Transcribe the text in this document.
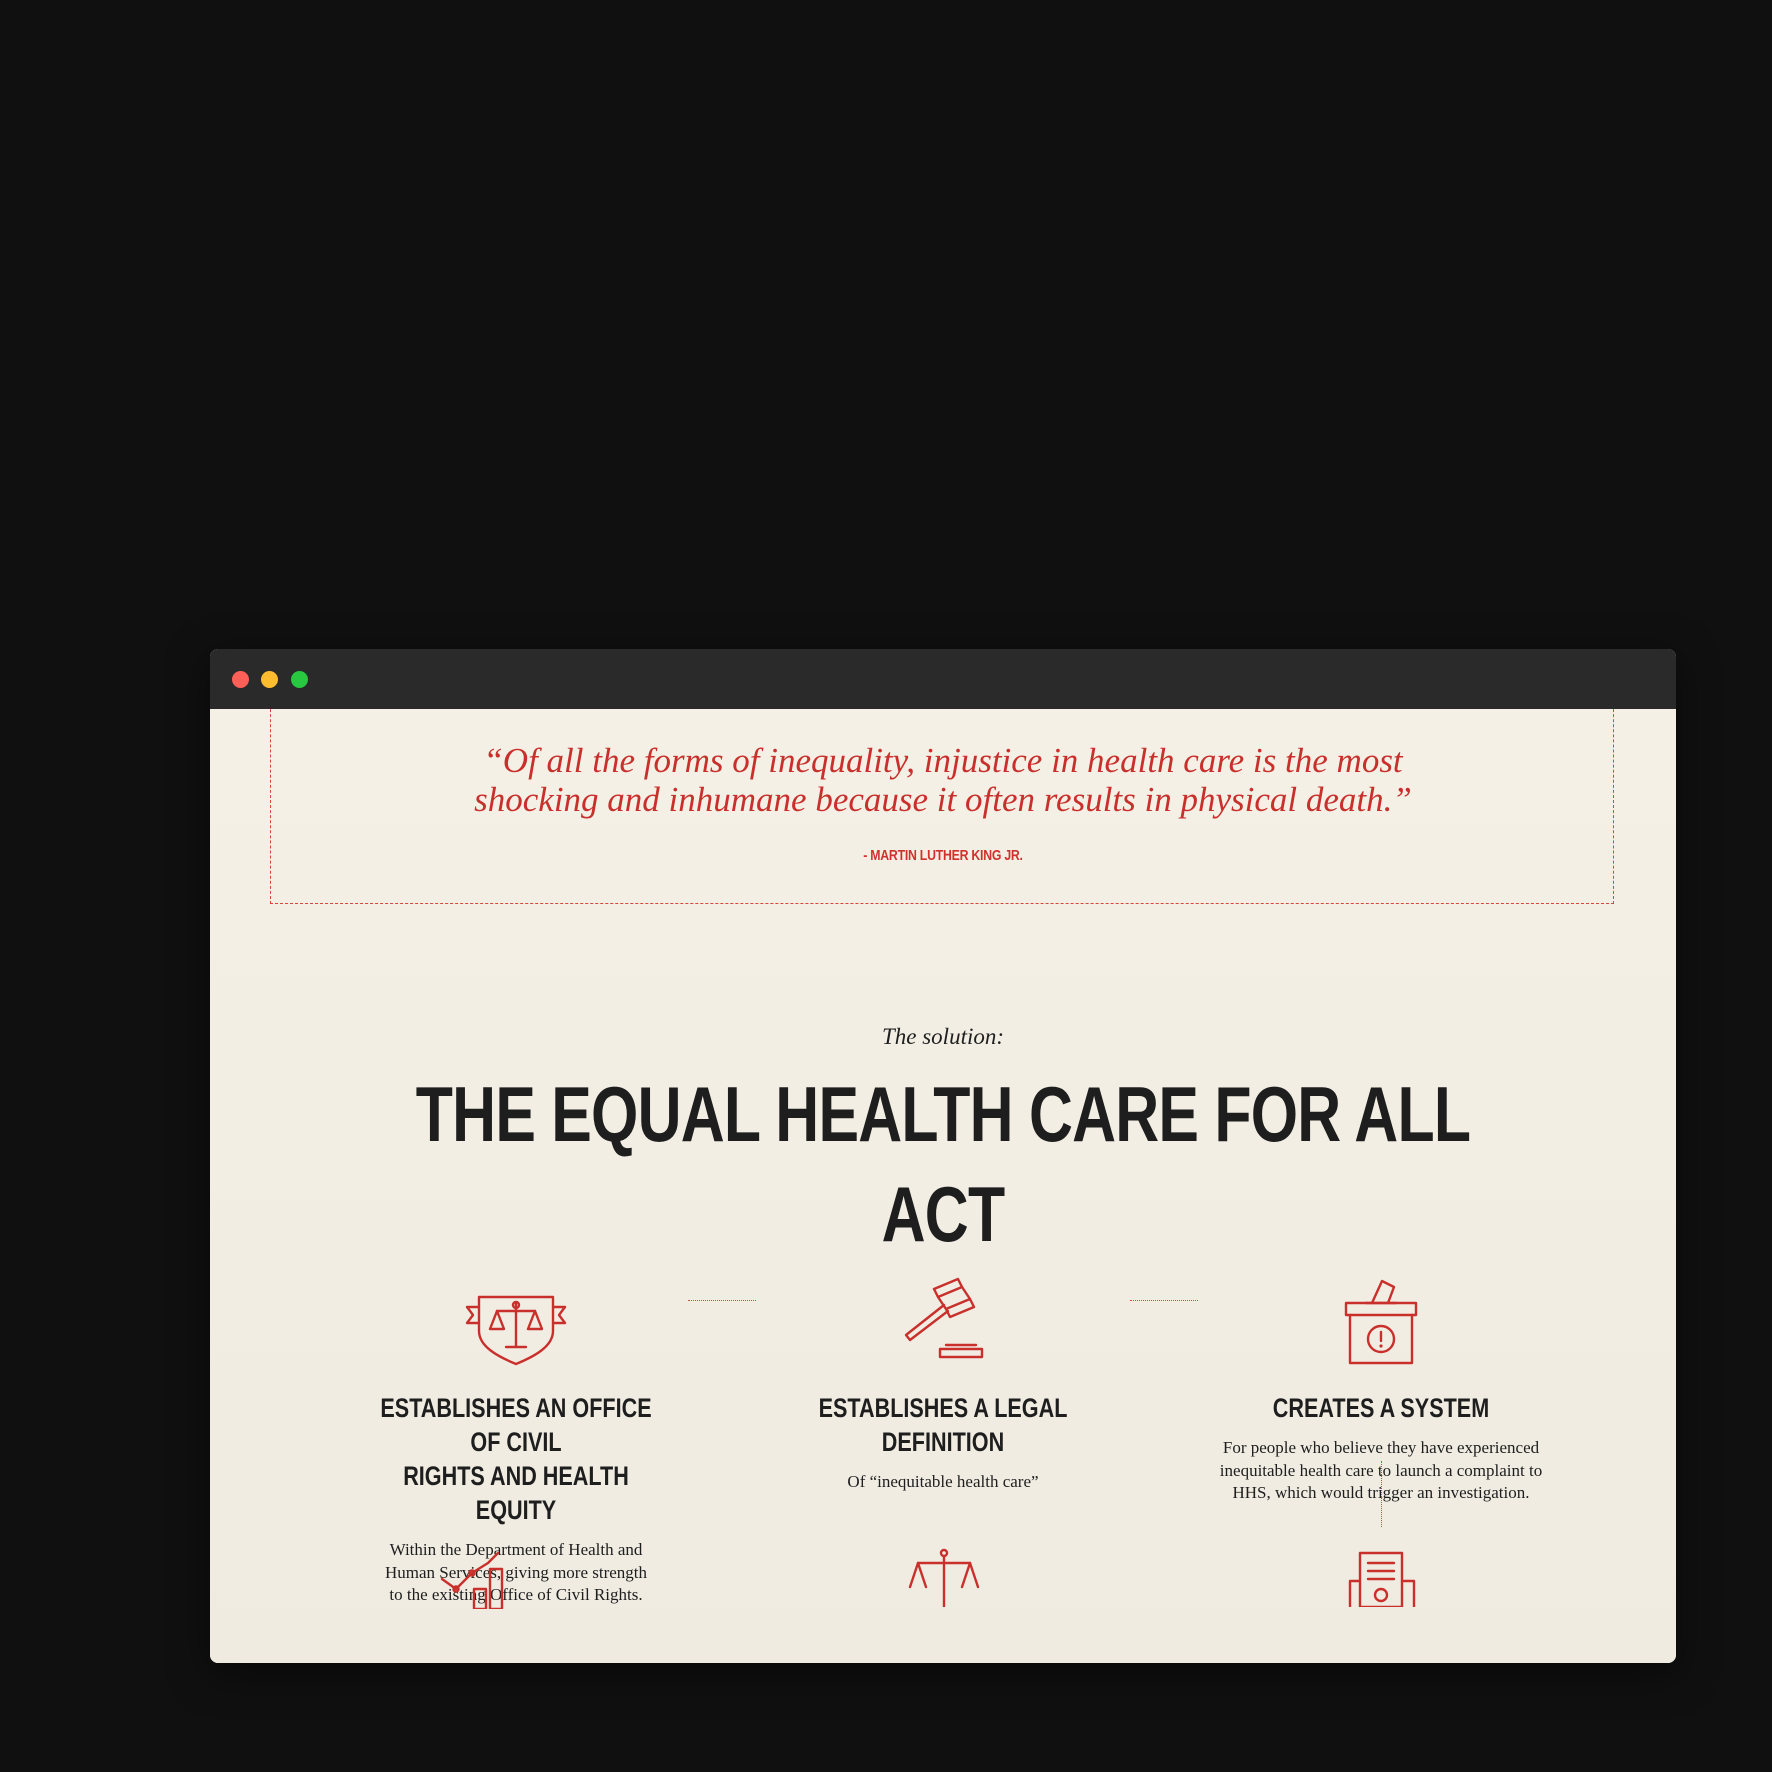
“Of all the forms of inequality, injustice in health care is the most
shocking and inhumane because it often results in physical death.”

- MARTIN LUTHER KING JR.
The solution:
THE EQUAL HEALTH CARE FOR ALL ACT
ESTABLISHES AN OFFICE OF CIVIL
RIGHTS AND HEALTH EQUITY

Within the Department of Health and
Human Services, giving more strength
to the existing Office of Civil Rights.

ESTABLISHES A LEGAL DEFINITION

Of “inequitable health care”

CREATES A SYSTEM

For people who believe they have experienced
inequitable health care to launch a complaint to
HHS, which would trigger an investigation.
